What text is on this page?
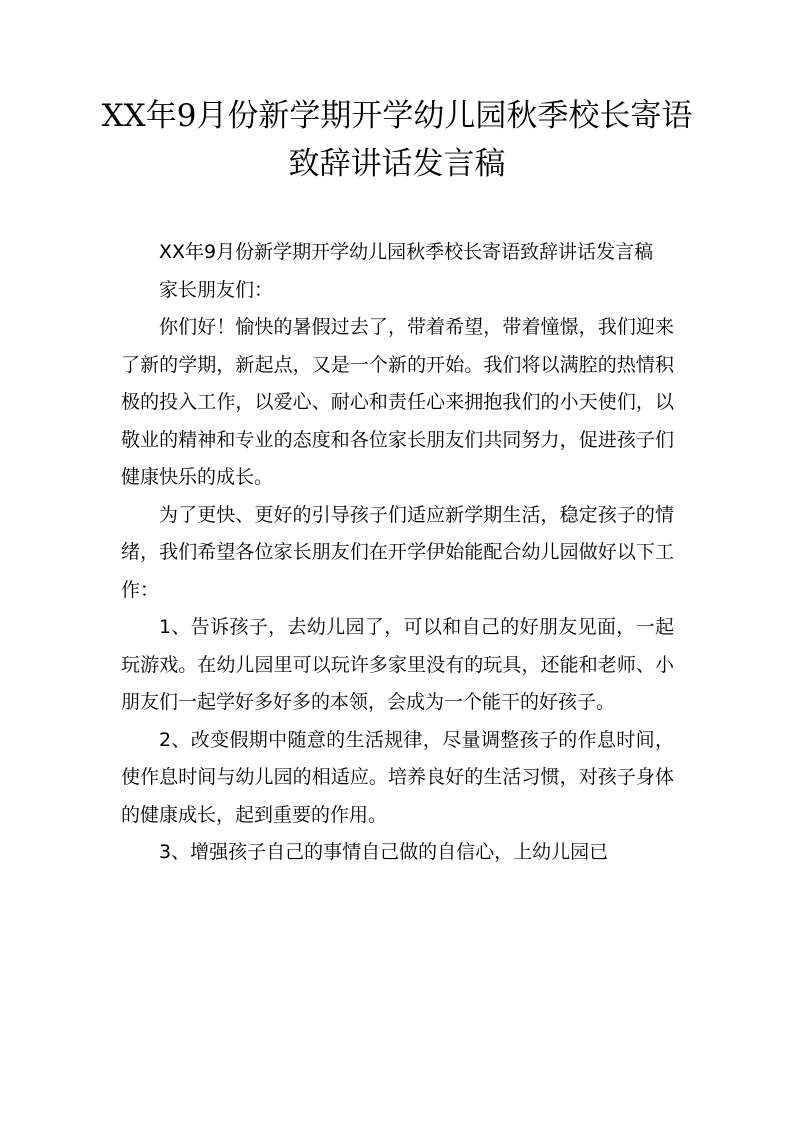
XX年9月份新学期开学幼儿园秋季校长寄语致辞讲话发言稿

XX年9月份新学期开学幼儿园秋季校长寄语致辞讲话发言稿

家长朋友们：

你们好！愉快的暑假过去了，带着希望，带着憧憬，我们迎来了新的学期，新起点，又是一个新的开始。我们将以满腔的热情积极的投入工作，以爱心、耐心和责任心来拥抱我们的小天使们，以敬业的精神和专业的态度和各位家长朋友们共同努力，促进孩子们健康快乐的成长。

为了更快、更好的引导孩子们适应新学期生活，稳定孩子的情绪，我们希望各位家长朋友们在开学伊始能配合幼儿园做好以下工作：

1、告诉孩子，去幼儿园了，可以和自己的好朋友见面，一起玩游戏。在幼儿园里可以玩许多家里没有的玩具，还能和老师、小朋友们一起学好多好多的本领，会成为一个能干的好孩子。

2、改变假期中随意的生活规律，尽量调整孩子的作息时间，使作息时间与幼儿园的相适应。培养良好的生活习惯，对孩子身体的健康成长，起到重要的作用。

3、增强孩子自己的事情自己做的自信心，上幼儿园已
